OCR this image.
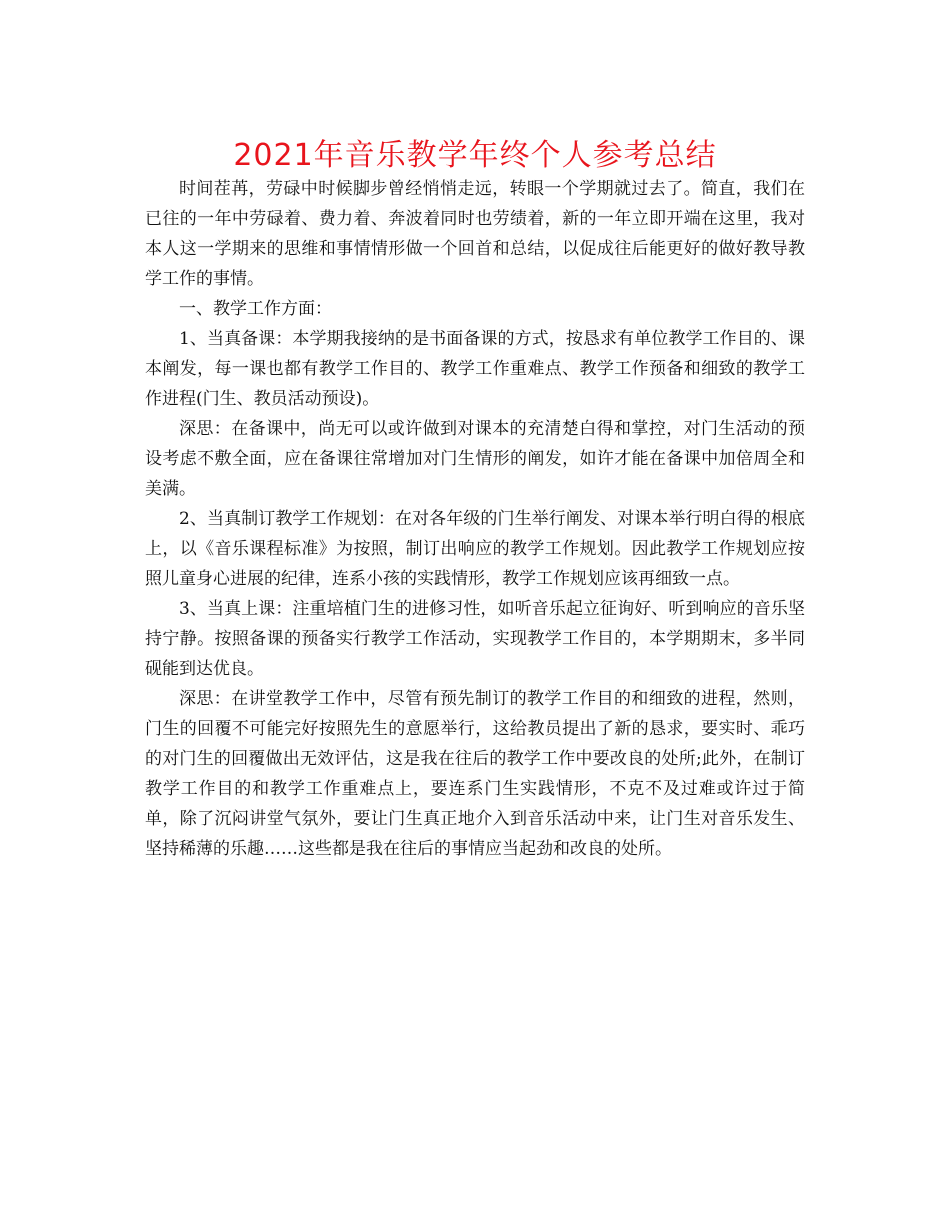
2021年音乐教学年终个人参考总结

时间茬苒，劳碌中时候脚步曾经悄悄走远，转眼一个学期就过去了。简直，我们在已往的一年中劳碌着、费力着、奔波着同时也劳绩着，新的一年立即开端在这里，我对本人这一学期来的思维和事情情形做一个回首和总结，以促成往后能更好的做好教导教学工作的事情。

一、教学工作方面：

1、当真备课：本学期我接纳的是书面备课的方式，按恳求有单位教学工作目的、课本阐发，每一课也都有教学工作目的、教学工作重难点、教学工作预备和细致的教学工作进程(门生、教员活动预设)。

深思：在备课中，尚无可以或许做到对课本的充清楚白得和掌控，对门生活动的预设考虑不敷全面，应在备课往常增加对门生情形的阐发，如许才能在备课中加倍周全和美满。

2、当真制订教学工作规划：在对各年级的门生举行阐发、对课本举行明白得的根底上，以《音乐课程标准》为按照，制订出响应的教学工作规划。因此教学工作规划应按照儿童身心进展的纪律，连系小孩的实践情形，教学工作规划应该再细致一点。

3、当真上课：注重培植门生的进修习性，如听音乐起立征询好、听到响应的音乐坚持宁静。按照备课的预备实行教学工作活动，实现教学工作目的，本学期期末，多半同砚能到达优良。

深思：在讲堂教学工作中，尽管有预先制订的教学工作目的和细致的进程，然则，门生的回覆不可能完好按照先生的意愿举行，这给教员提出了新的恳求，要实时、乖巧的对门生的回覆做出无效评估，这是我在往后的教学工作中要改良的处所;此外，在制订教学工作目的和教学工作重难点上，要连系门生实践情形，不克不及过难或许过于简单，除了沉闷讲堂气氛外，要让门生真正地介入到音乐活动中来，让门生对音乐发生、坚持稀薄的乐趣……这些都是我在往后的事情应当起劲和改良的处所。
